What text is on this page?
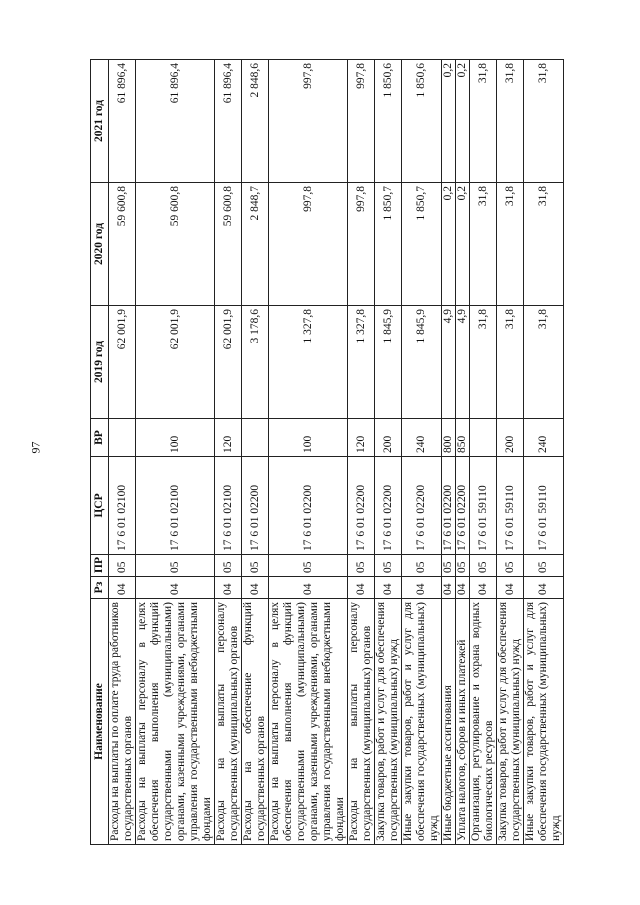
97
Наименование	Рз	ПР	ЦСР	ВР	2019 год	2020 год	2021 год
Расходы на выплаты по оплате труда работников государственных органов	04	05	17 6 01 02100		62 001,9	59 600,8	61 896,4
Расходы на выплаты персоналу в целях обеспечения выполнения функций государственными (муниципальными) органами, казенными учреждениями, органами управления государственными внебюджетными фондами	04	05	17 6 01 02100	100	62 001,9	59 600,8	61 896,4
Расходы на выплаты персоналу государственных (муниципальных) органов	04	05	17 6 01 02100	120	62 001,9	59 600,8	61 896,4
Расходы на обеспечение функций государственных органов	04	05	17 6 01 02200		3 178,6	2 848,7	2 848,6
Расходы на выплаты персоналу в целях обеспечения выполнения функций государственными (муниципальными) органами, казенными учреждениями, органами управления государственными внебюджетными фондами	04	05	17 6 01 02200	100	1 327,8	997,8	997,8
Расходы на выплаты персоналу государственных (муниципальных) органов	04	05	17 6 01 02200	120	1 327,8	997,8	997,8
Закупка товаров, работ и услуг для обеспечения государственных (муниципальных) нужд	04	05	17 6 01 02200	200	1 845,9	1 850,7	1 850,6
Иные закупки товаров, работ и услуг для обеспечения государственных (муниципальных) нужд	04	05	17 6 01 02200	240	1 845,9	1 850,7	1 850,6
Иные бюджетные ассигнования	04	05	17 6 01 02200	800	4,9	0,2	0,2
Уплата налогов, сборов и иных платежей	04	05	17 6 01 02200	850	4,9	0,2	0,2
Организация, регулирование и охрана водных биологических ресурсов	04	05	17 6 01 59110		31,8	31,8	31,8
Закупка товаров, работ и услуг для обеспечения государственных (муниципальных) нужд	04	05	17 6 01 59110	200	31,8	31,8	31,8
Иные закупки товаров, работ и услуг для обеспечения государственных (муниципальных) нужд	04	05	17 6 01 59110	240	31,8	31,8	31,8
